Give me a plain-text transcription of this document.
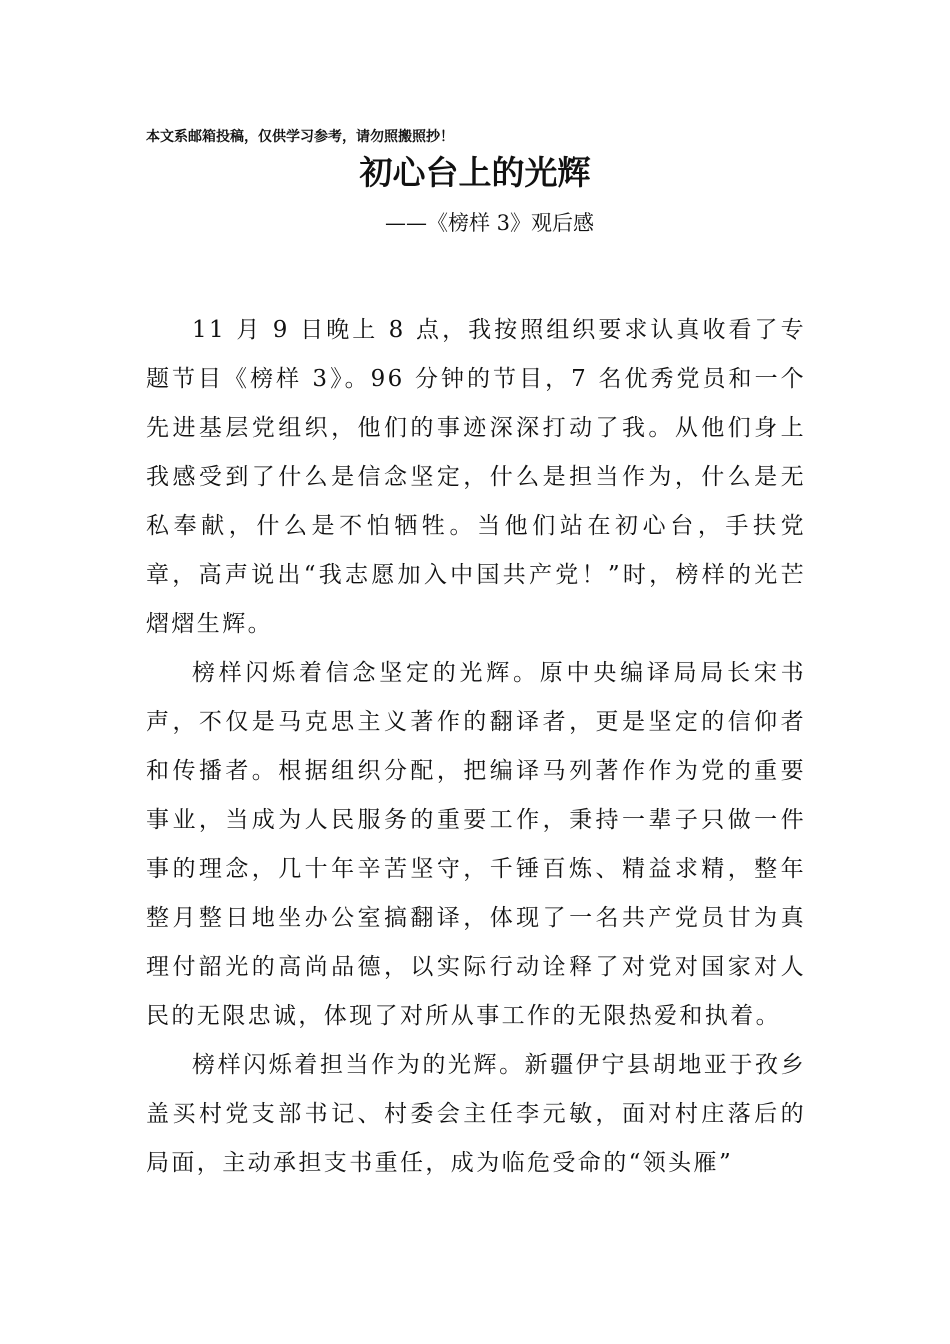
本文系邮箱投稿，仅供学习参考，请勿照搬照抄！
初心台上的光辉
——《榜样 3》观后感

11 月 9 日晚上 8 点，我按照组织要求认真收看了专题节目《榜样 3》。96 分钟的节目，7 名优秀党员和一个先进基层党组织，他们的事迹深深打动了我。从他们身上我感受到了什么是信念坚定，什么是担当作为，什么是无私奉献，什么是不怕牺牲。当他们站在初心台，手扶党章，高声说出“我志愿加入中国共产党！”时，榜样的光芒熠熠生辉。

榜样闪烁着信念坚定的光辉。原中央编译局局长宋书声，不仅是马克思主义著作的翻译者，更是坚定的信仰者和传播者。根据组织分配，把编译马列著作作为党的重要事业，当成为人民服务的重要工作，秉持一辈子只做一件事的理念，几十年辛苦坚守，千锤百炼、精益求精，整年整月整日地坐办公室搞翻译，体现了一名共产党员甘为真理付韶光的高尚品德，以实际行动诠释了对党对国家对人民的无限忠诚，体现了对所从事工作的无限热爱和执着。

榜样闪烁着担当作为的光辉。新疆伊宁县胡地亚于孜乡盖买村党支部书记、村委会主任李元敏，面对村庄落后的局面，主动承担支书重任，成为临危受命的“领头雁”
